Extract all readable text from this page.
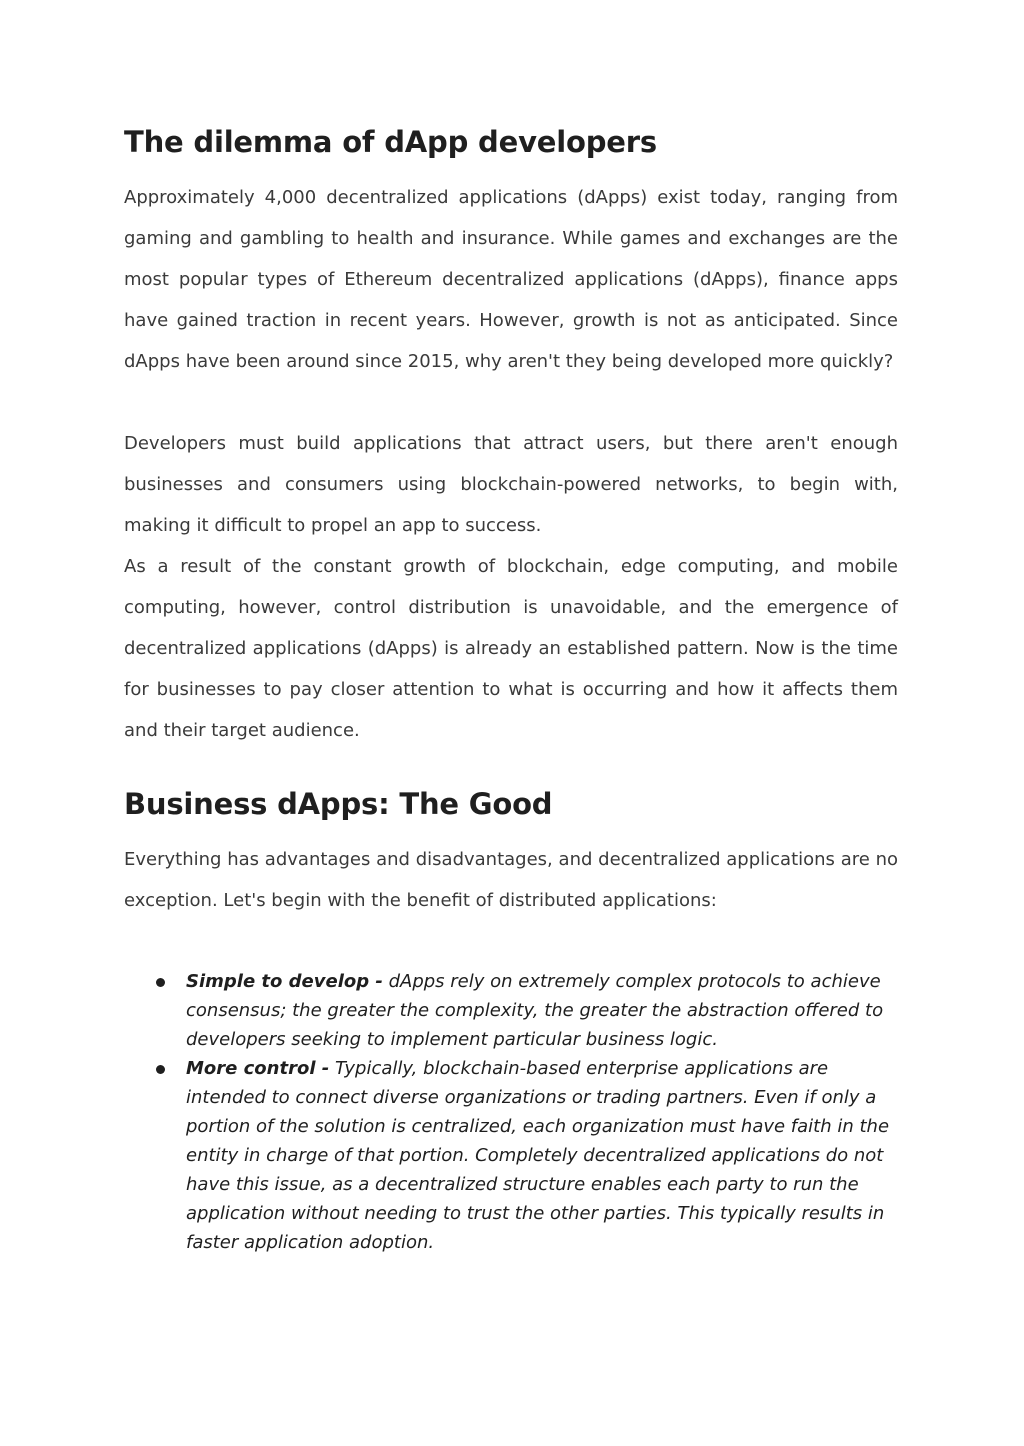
The dilemma of dApp developers

Approximately 4,000 decentralized applications (dApps) exist today, ranging from gaming and gambling to health and insurance. While games and exchanges are the most popular types of Ethereum decentralized applications (dApps), finance apps have gained traction in recent years. However, growth is not as anticipated. Since dApps have been around since 2015, why aren't they being developed more quickly?

Developers must build applications that attract users, but there aren't enough businesses and consumers using blockchain-powered networks, to begin with, making it difficult to propel an app to success.

As a result of the constant growth of blockchain, edge computing, and mobile computing, however, control distribution is unavoidable, and the emergence of decentralized applications (dApps) is already an established pattern. Now is the time for businesses to pay closer attention to what is occurring and how it affects them and their target audience.

Business dApps: The Good

Everything has advantages and disadvantages, and decentralized applications are no exception. Let's begin with the benefit of distributed applications:

Simple to develop - dApps rely on extremely complex protocols to achieve consensus; the greater the complexity, the greater the abstraction offered to developers seeking to implement particular business logic.
More control - Typically, blockchain-based enterprise applications are intended to connect diverse organizations or trading partners. Even if only a portion of the solution is centralized, each organization must have faith in the entity in charge of that portion. Completely decentralized applications do not have this issue, as a decentralized structure enables each party to run the application without needing to trust the other parties. This typically results in faster application adoption.
